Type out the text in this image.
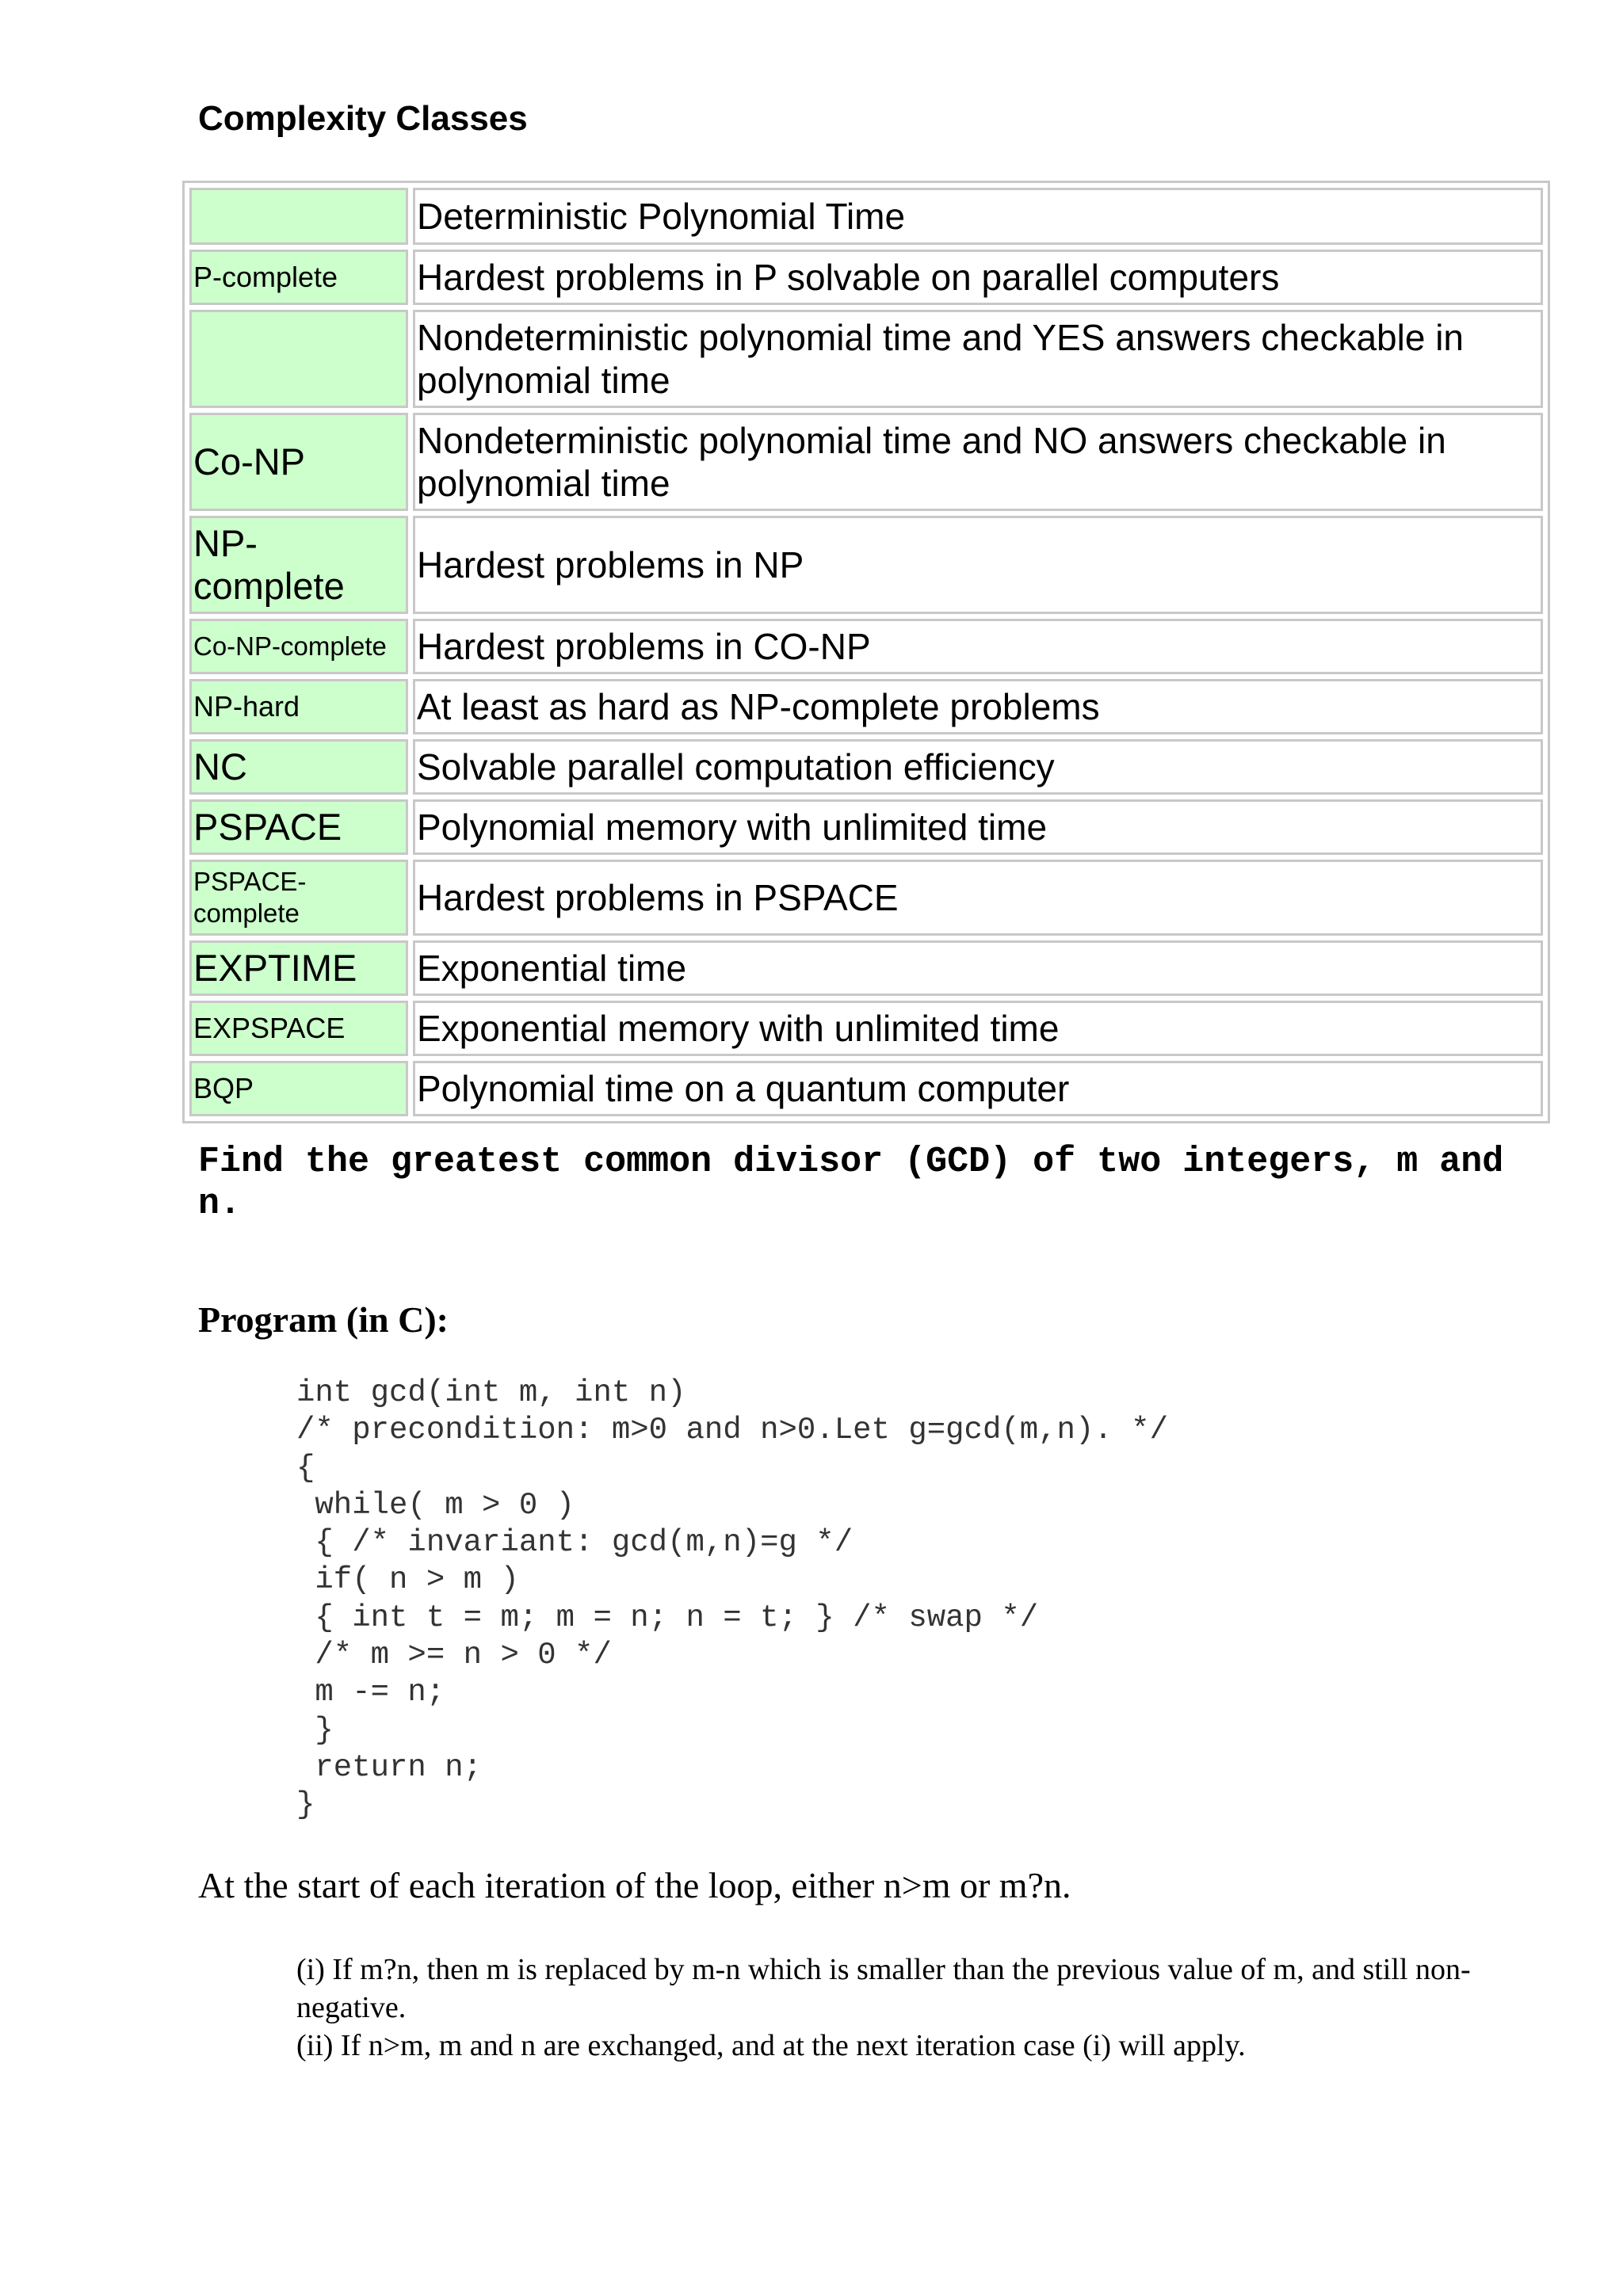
Complexity Classes
	Deterministic Polynomial Time
P-complete	Hardest problems in P solvable on parallel computers
	Nondeterministic polynomial time and YES answers checkable in polynomial time
Co-NP	Nondeterministic polynomial time and NO answers checkable in polynomial time
NP-complete	Hardest problems in NP
Co-NP-complete	Hardest problems in CO-NP
NP-hard	At least as hard as NP-complete problems
NC	Solvable parallel computation efficiency
PSPACE	Polynomial memory with unlimited time
PSPACE-complete	Hardest problems in PSPACE
EXPTIME	Exponential time
EXPSPACE	Exponential memory with unlimited time
BQP	Polynomial time on a quantum computer
Find the greatest common divisor (GCD) of two integers, m and n.
Program (in C):
int gcd(int m, int n)
/* precondition: m>0 and n>0.Let g=gcd(m,n). */
{
while( m > 0 )
{ /* invariant: gcd(m,n)=g */
if( n > m )
{ int t = m; m = n; n = t; } /* swap */
/* m >= n > 0 */
m -= n;
}
return n;
}

At the start of each iteration of the loop, either n>m or m?n.

(i) If m?n, then m is replaced by m-n which is smaller than the previous value of m, and still non-negative.

(ii) If n>m, m and n are exchanged, and at the next iteration case (i) will apply.
